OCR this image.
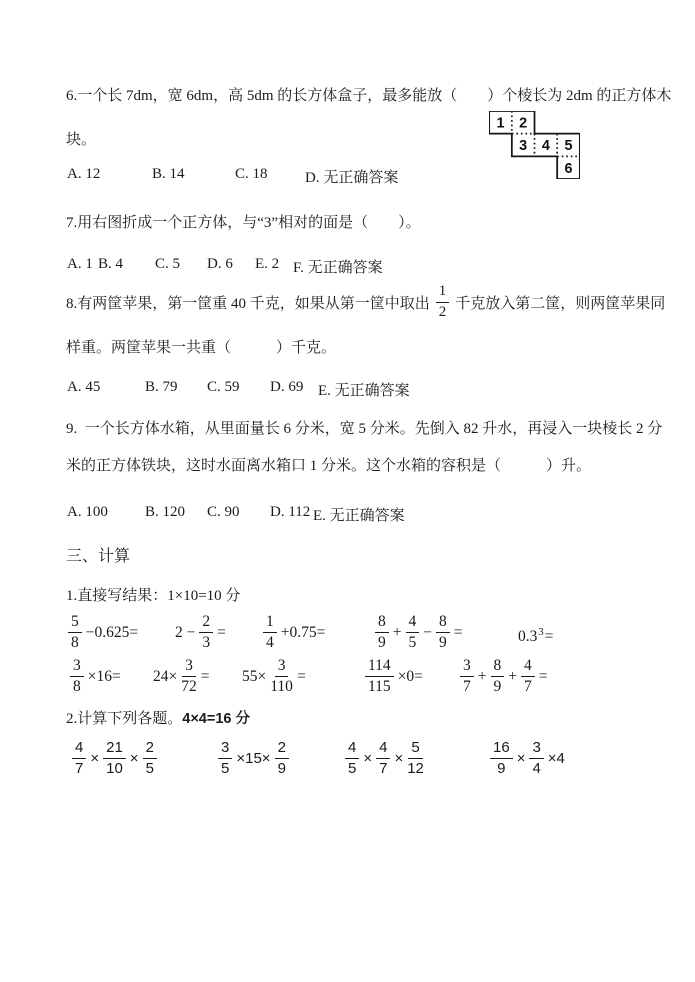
6.一个长 7dm，宽 6dm，高 5dm 的长方体盒子，最多能放（　　）个棱长为 2dm 的正方体木
1 2
3 4 5
6
块。
A. 12	B. 14	C. 18 D. 无正确答案
7.用右图折成一个正方体，与“3”相对的面是（　　）。
A. 1 B. 4 C. 5 D. 6 E. 2 F. 无正确答案
8.有两筐苹果，第一筐重 40 千克，如果从第一筐中取出 $\frac{1}{2}$ 千克放入第二筐，则两筐苹果同
样重。两筐苹果一共重（　　　）千克。
A. 45	B. 79 C. 59 D. 69 E. 无正确答案
9.  一个长方体水箱，从里面量长 6 分米，宽 5 分米。先倒入 82 升水，再浸入一块棱长 2 分
米的正方体铁块，这时水面离水箱口 1 分米。这个水箱的容积是（　　　）升。
A. 100 B. 120 C. 90 D. 112 E. 无正确答案
三、计算
1.直接写结果：1×10=10 分
$\frac{5}{8} -0.625= 2 - \frac{2}{3} = \frac{1}{4} +0.75=$	$\frac{8}{9} + \frac{4}{5} - \frac{8}{9}$ =	0.3 3 =
$\frac{3}{8} \times 16= 24\times \frac{3}{72} = 55\times \frac{3}{110}$ =	$\frac{114}{115} \times 0= \frac{3}{7} + \frac{8}{9} + \frac{4}{7}$ =
2.计算下列各题。4×4=16 分
$\frac{4}{7} \times \frac{21}{10} \times \frac{2}{5}$	$\frac{3}{5} \times 15\times \frac{2}{9}$	$\frac{4}{5} \times \frac{4}{7} \times \frac{5}{12}$	$\frac{16}{9} \times \frac{3}{4} \times 4$
